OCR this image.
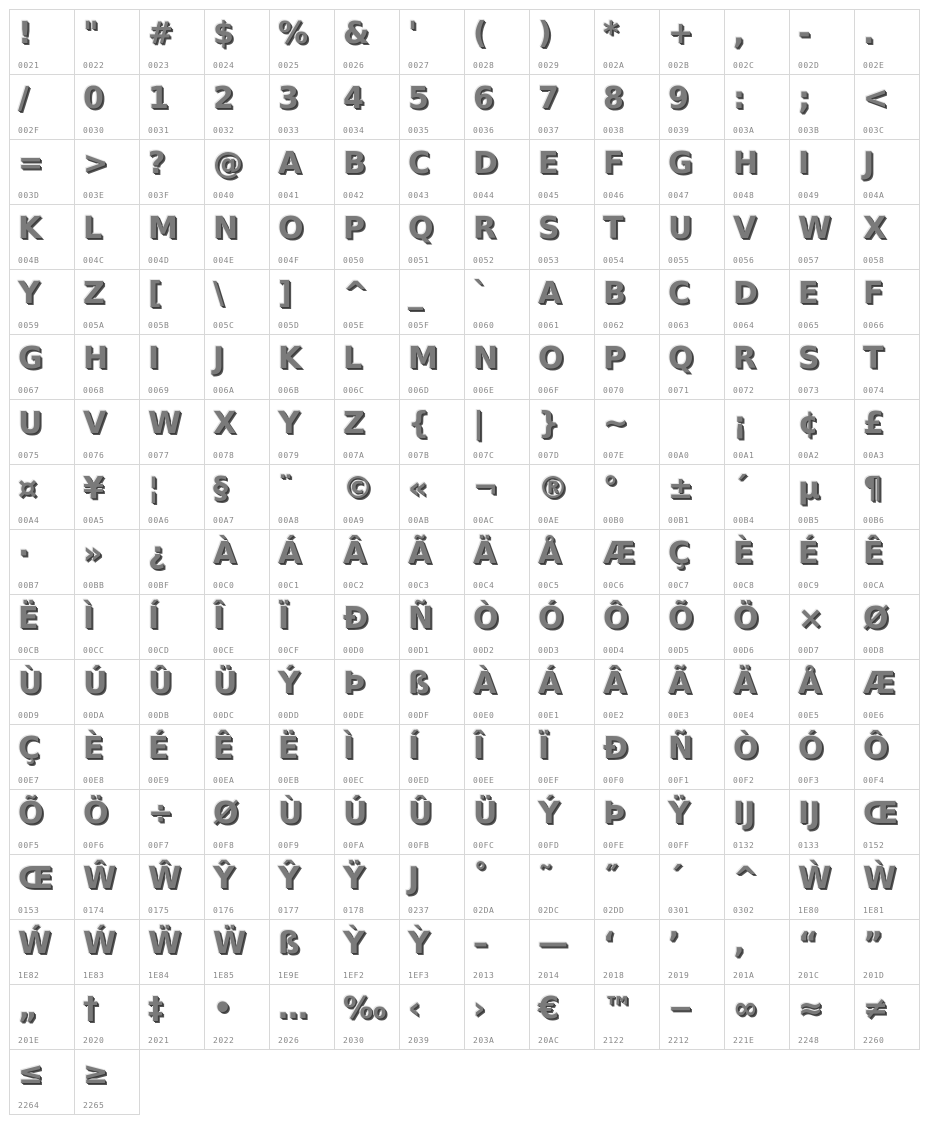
!
0021
"
0022
#
0023
$
0024
%
0025
&
0026
'
0027
(
0028
)
0029
*
002A
+
002B
,
002C
-
002D
.
002E
/
002F
0
0030
1
0031
2
0032
3
0033
4
0034
5
0035
6
0036
7
0037
8
0038
9
0039
:
003A
;
003B
<
003C
=
003D
>
003E
?
003F
@
0040
A
0041
B
0042
C
0043
D
0044
E
0045
F
0046
G
0047
H
0048
I
0049
J
004A
K
004B
L
004C
M
004D
N
004E
O
004F
P
0050
Q
0051
R
0052
S
0053
T
0054
U
0055
V
0056
W
0057
X
0058
Y
0059
Z
005A
[
005B
\
005C
]
005D
^
005E
_
005F
`
0060
A
0061
B
0062
C
0063
D
0064
E
0065
F
0066
G
0067
H
0068
I
0069
J
006A
K
006B
L
006C
M
006D
N
006E
O
006F
P
0070
Q
0071
R
0072
S
0073
T
0074
U
0075
V
0076
W
0077
X
0078
Y
0079
Z
007A
{
007B
|
007C
}
007D
~
007E	00A0
¡
00A1
¢
00A2
£
00A3
¤
00A4
¥
00A5
¦
00A6
§
00A7
¨
00A8
©
00A9
«
00AB
¬
00AC
®
00AE
°
00B0
±
00B1
´
00B4
µ
00B5
¶
00B6
·
00B7
»
00BB
¿
00BF
À
00C0
Á
00C1
Â
00C2
Ã
00C3
Ä
00C4
Å
00C5
Æ
00C6
Ç
00C7
È
00C8
É
00C9
Ê
00CA
Ë
00CB
Ì
00CC
Í
00CD
Î
00CE
Ï
00CF
Ð
00D0
Ñ
00D1
Ò
00D2
Ó
00D3
Ô
00D4
Õ
00D5
Ö
00D6
×
00D7
Ø
00D8
Ù
00D9
Ú
00DA
Û
00DB
Ü
00DC
Ý
00DD
Þ
00DE
ß
00DF
À
00E0
Á
00E1
Â
00E2
Ã
00E3
Ä
00E4
Å
00E5
Æ
00E6
Ç
00E7
È
00E8
É
00E9
Ê
00EA
Ë
00EB
Ì
00EC
Í
00ED
Î
00EE
Ï
00EF
Ð
00F0
Ñ
00F1
Ò
00F2
Ó
00F3
Ô
00F4
Õ
00F5
Ö
00F6
÷
00F7
Ø
00F8
Ù
00F9
Ú
00FA
Û
00FB
Ü
00FC
Ý
00FD
Þ
00FE
Ÿ
00FF
IJ
0132
IJ
0133
Œ
0152
Œ
0153
Ŵ
0174
Ŵ
0175
Ŷ
0176
Ŷ
0177
Ÿ
0178
J
0237
˚
02DA
˜
02DC
˝
02DD
´
0301
^
0302
Ẁ
1E80
Ẁ
1E81
Ẃ
1E82
Ẃ
1E83
Ẅ
1E84
Ẅ
1E85
ß
1E9E
Ỳ
1EF2
Ỳ
1EF3
–
2013
—
2014
‘
2018
’
2019
‚
201A
“
201C
”
201D
„
201E
†
2020
‡
2021
•
2022
…
2026
‰
2030
‹
2039
›
203A
€
20AC
™
2122
−
2212
∞
221E
≈
2248
≠
2260
≤
2264
≥
2265
